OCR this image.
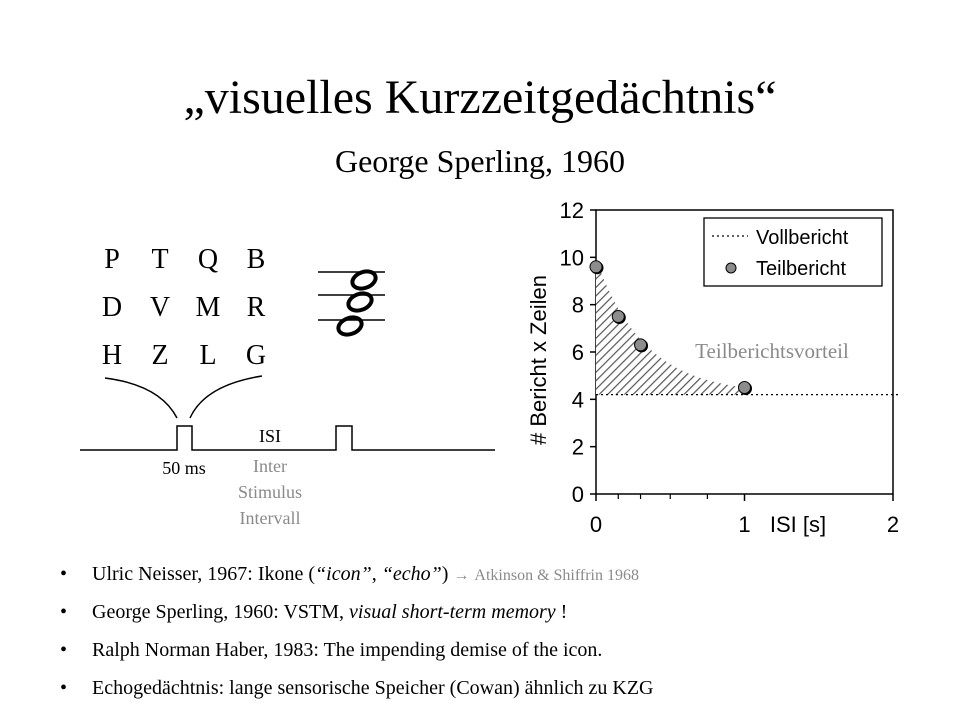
„visuelles Kurzzeitgedächtnis“
George Sperling, 1960
P T Q B
D V M R
H Z L G
50 ms
ISI
Inter
Stimulus
Intervall
0
2
4
6
8
10
12
0	1	2
ISI [s]
# Bericht x Zeilen	Teilberichtsvorteil
Vollbericht
Teilbericht
• Ulric Neisser, 1967: Ikone (“icon”, “echo”) → Atkinson & Shiffrin 1968
• George Sperling, 1960: VSTM, visual short-term memory !
• Ralph Norman Haber, 1983: The impending demise of the icon.
• Echogedächtnis: lange sensorische Speicher (Cowan) ähnlich zu KZG
